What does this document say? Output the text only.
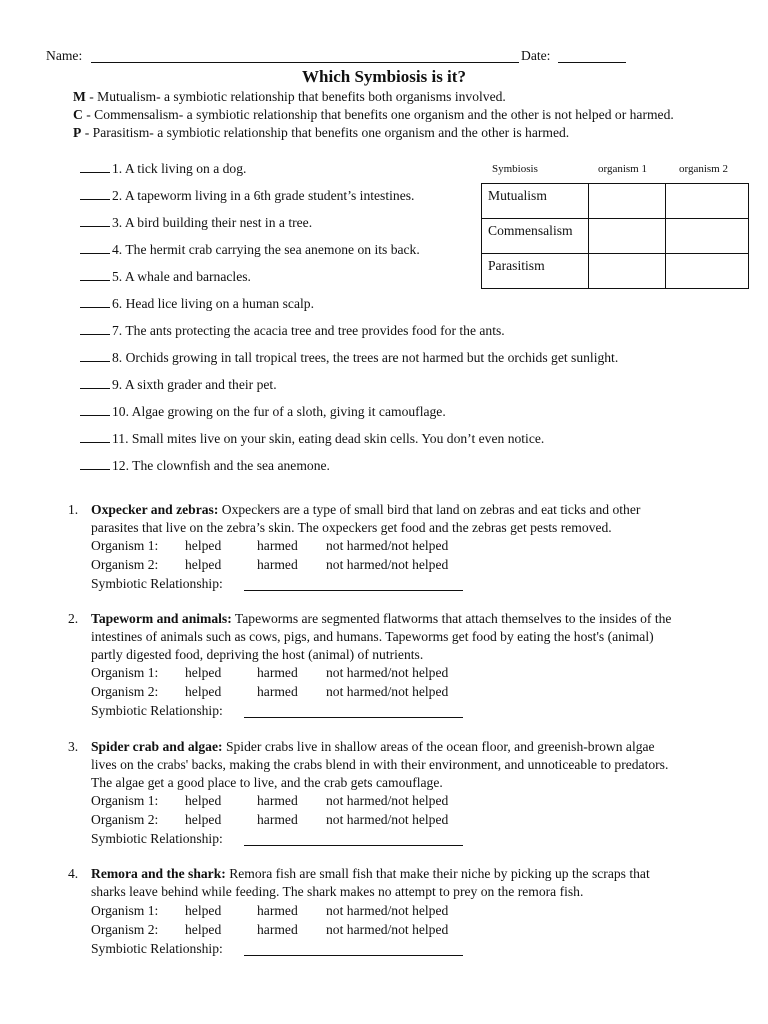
Name:	Date:
Which Symbiosis is it?
M - Mutualism- a symbiotic relationship that benefits both organisms involved.
C - Commensalism- a symbiotic relationship that benefits one organism and the other is not helped or harmed.
P - Parasitism- a symbiotic relationship that benefits one organism and the other is harmed.
1. A tick living on a dog.
2. A tapeworm living in a 6th grade student’s intestines.
3. A bird building their nest in a tree.
4. The hermit crab carrying the sea anemone on its back.
5. A whale and barnacles.
6. Head lice living on a human scalp.
7. The ants protecting the acacia tree and tree provides food for the ants.
8. Orchids growing in tall tropical trees, the trees are not harmed but the orchids get sunlight.
9. A sixth grader and their pet.
10. Algae growing on the fur of a sloth, giving it camouflage.
11. Small mites live on your skin, eating dead skin cells. You don’t even notice.
12. The clownfish and the sea anemone.
Symbiosis	organism 1	organism 2
Mutualism		
Commensalism		
Parasitism		
1. Oxpecker and zebras: Oxpeckers are a type of small bird that land on zebras and eat ticks and other
parasites that live on the zebra’s skin. The oxpeckers get food and the zebras get pests removed.
Organism 1: helped	harmed not harmed/not helped
Organism 2: helped	harmed not harmed/not helped
Symbiotic Relationship:
2. Tapeworm and animals: Tapeworms are segmented flatworms that attach themselves to the insides of the
intestines of animals such as cows, pigs, and humans. Tapeworms get food by eating the host's (animal)
partly digested food, depriving the host (animal) of nutrients.
Organism 1: helped	harmed not harmed/not helped
Organism 2: helped	harmed not harmed/not helped
Symbiotic Relationship:
3. Spider crab and algae: Spider crabs live in shallow areas of the ocean floor, and greenish-brown algae
lives on the crabs' backs, making the crabs blend in with their environment, and unnoticeable to predators.
The algae get a good place to live, and the crab gets camouflage.
Organism 1: helped	harmed not harmed/not helped
Organism 2: helped	harmed not harmed/not helped
Symbiotic Relationship:
4. Remora and the shark: Remora fish are small fish that make their niche by picking up the scraps that
sharks leave behind while feeding. The shark makes no attempt to prey on the remora fish.
Organism 1: helped	harmed not harmed/not helped
Organism 2: helped	harmed not harmed/not helped
Symbiotic Relationship:
